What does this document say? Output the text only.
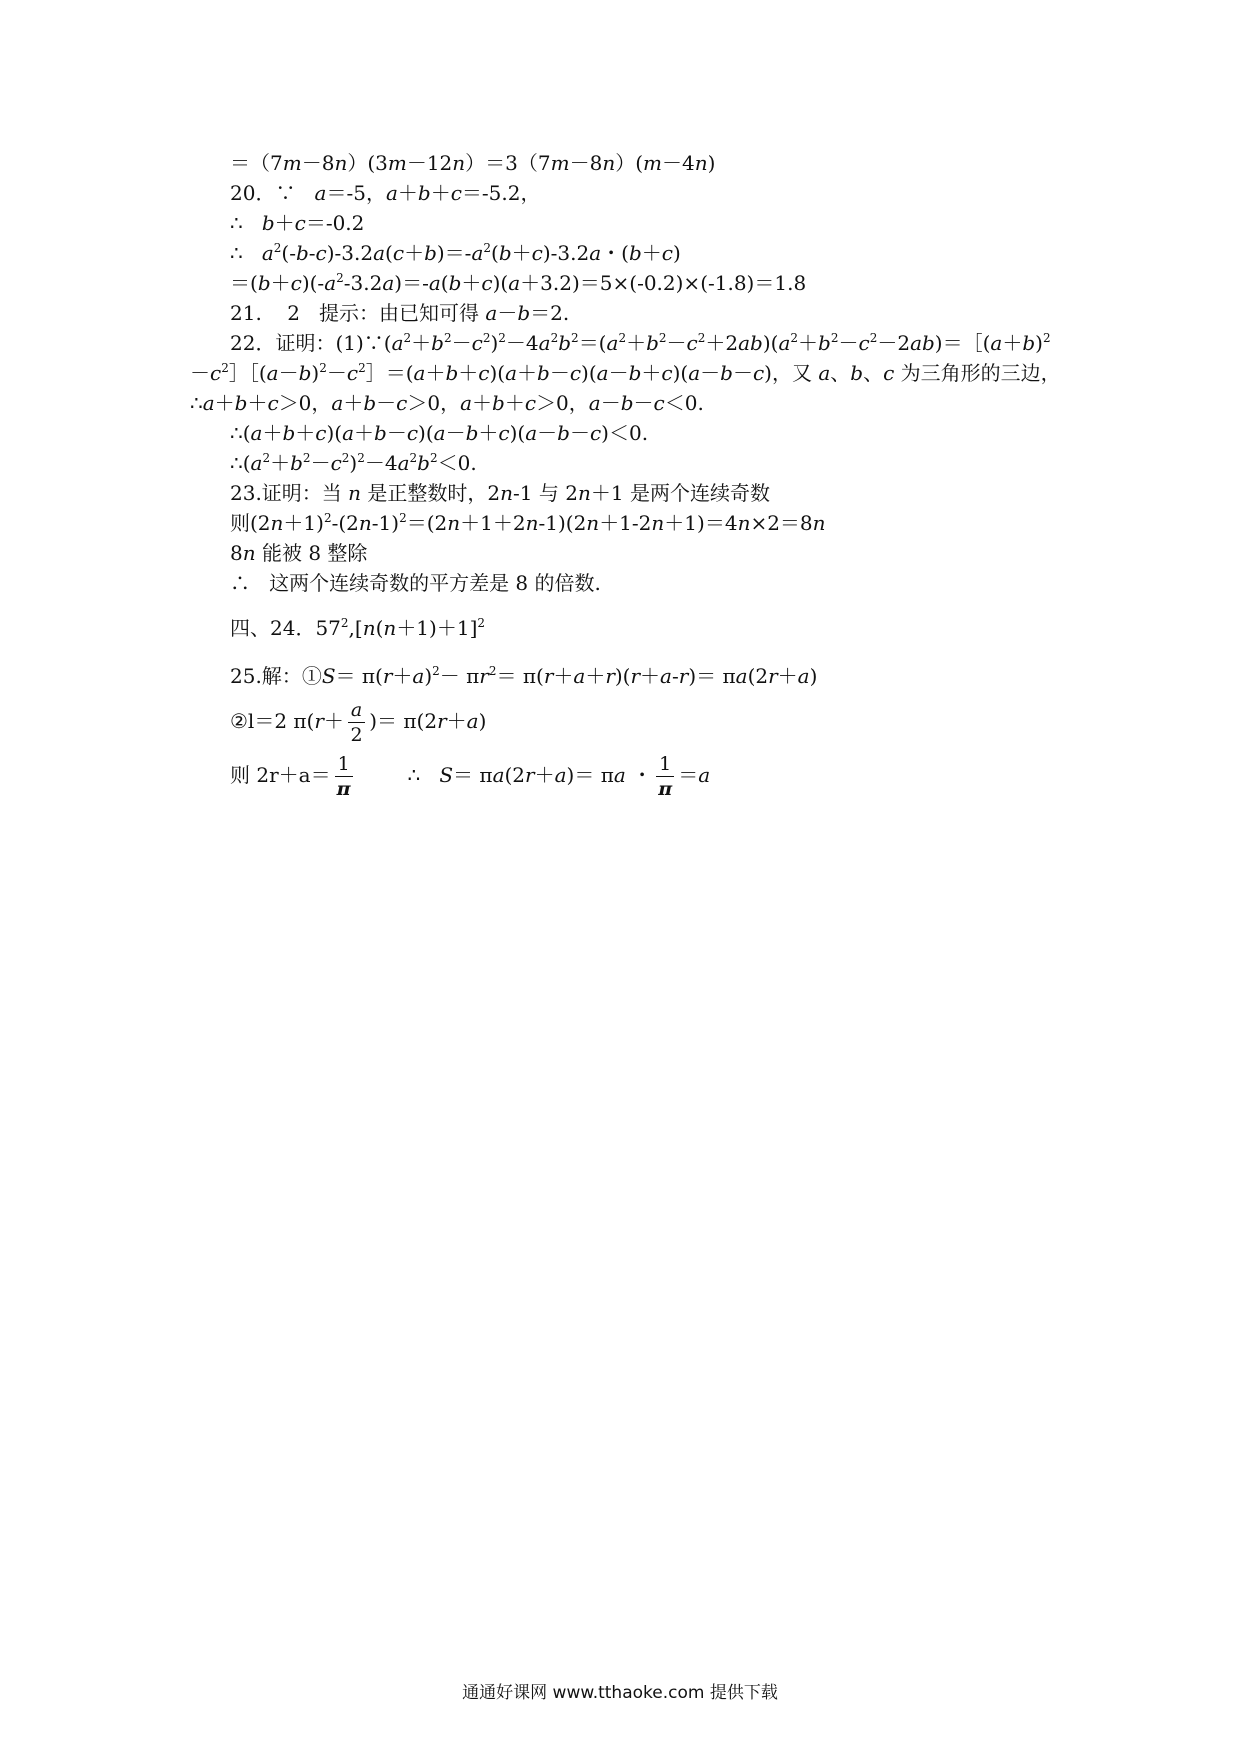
＝（7m－8n）(3m－12n）＝3（7m－8n）(m－4n)
20．∵ a＝-5，a＋b＋c＝-5.2，
∴ b＋c＝-0.2
∴ $a^2(-b-c)-3.2a(c+b)=-a^2(b+c)-3.2a$・(b＋c)
$=(b+c)(-a^2-3.2a)=-a(b+c)(a+3.2)=5\times(-0.2)\times(-1.8)=1.8$
21. 2   提示：由已知可得 a－b＝2.
22．证明：$(1)\because(a^2+b^2-c^2)^2-4a^2b^2=(a^2+b^2-c^2+2ab)(a^2+b^2-c^2-2ab)=[(a+b)^2$
$-c^2][(a-b)^2-c^2]=(a+b+c)(a+b-c)(a-b+c)(a-b-c)$，又 a、b、c 为三角形的三边，
∴a＋b＋c＞0，a＋b－c＞0，a＋b＋c＞0，a－b－c＜0.
∴(a＋b＋c)(a＋b－c)(a－b＋c)(a－b－c)＜0.
$\therefore(a^2+b^2-c^2)^2-4a^2b^2<0$.
23.证明：当 n 是正整数时，2n-1 与 2n＋1 是两个连续奇数
则$(2n+1)^2-(2n-1)^2=(2n+1+2n-1)(2n+1-2n+1)=4n\times 2=8n$
8n 能被 8 整除
∴ 这两个连续奇数的平方差是 8 的倍数.
四、24．$57^2,[n(n+1)+1]^2$
25.解：①S＝ $\pi(r+a)^2- \pi r^2= \pi(r+a+r)(r+a-r)= \pi a(2r+a)$
②l＝2 $\pi(r+ \frac{a}{2}$ )＝ π(2r＋a)
则 $2r+a= \frac{1}{\pi}$	∴ S＝ πa(2r＋a)＝ πa ・ $\frac{1}{\pi} =a$
通通好课网 www.tthaoke.com 提供下载
